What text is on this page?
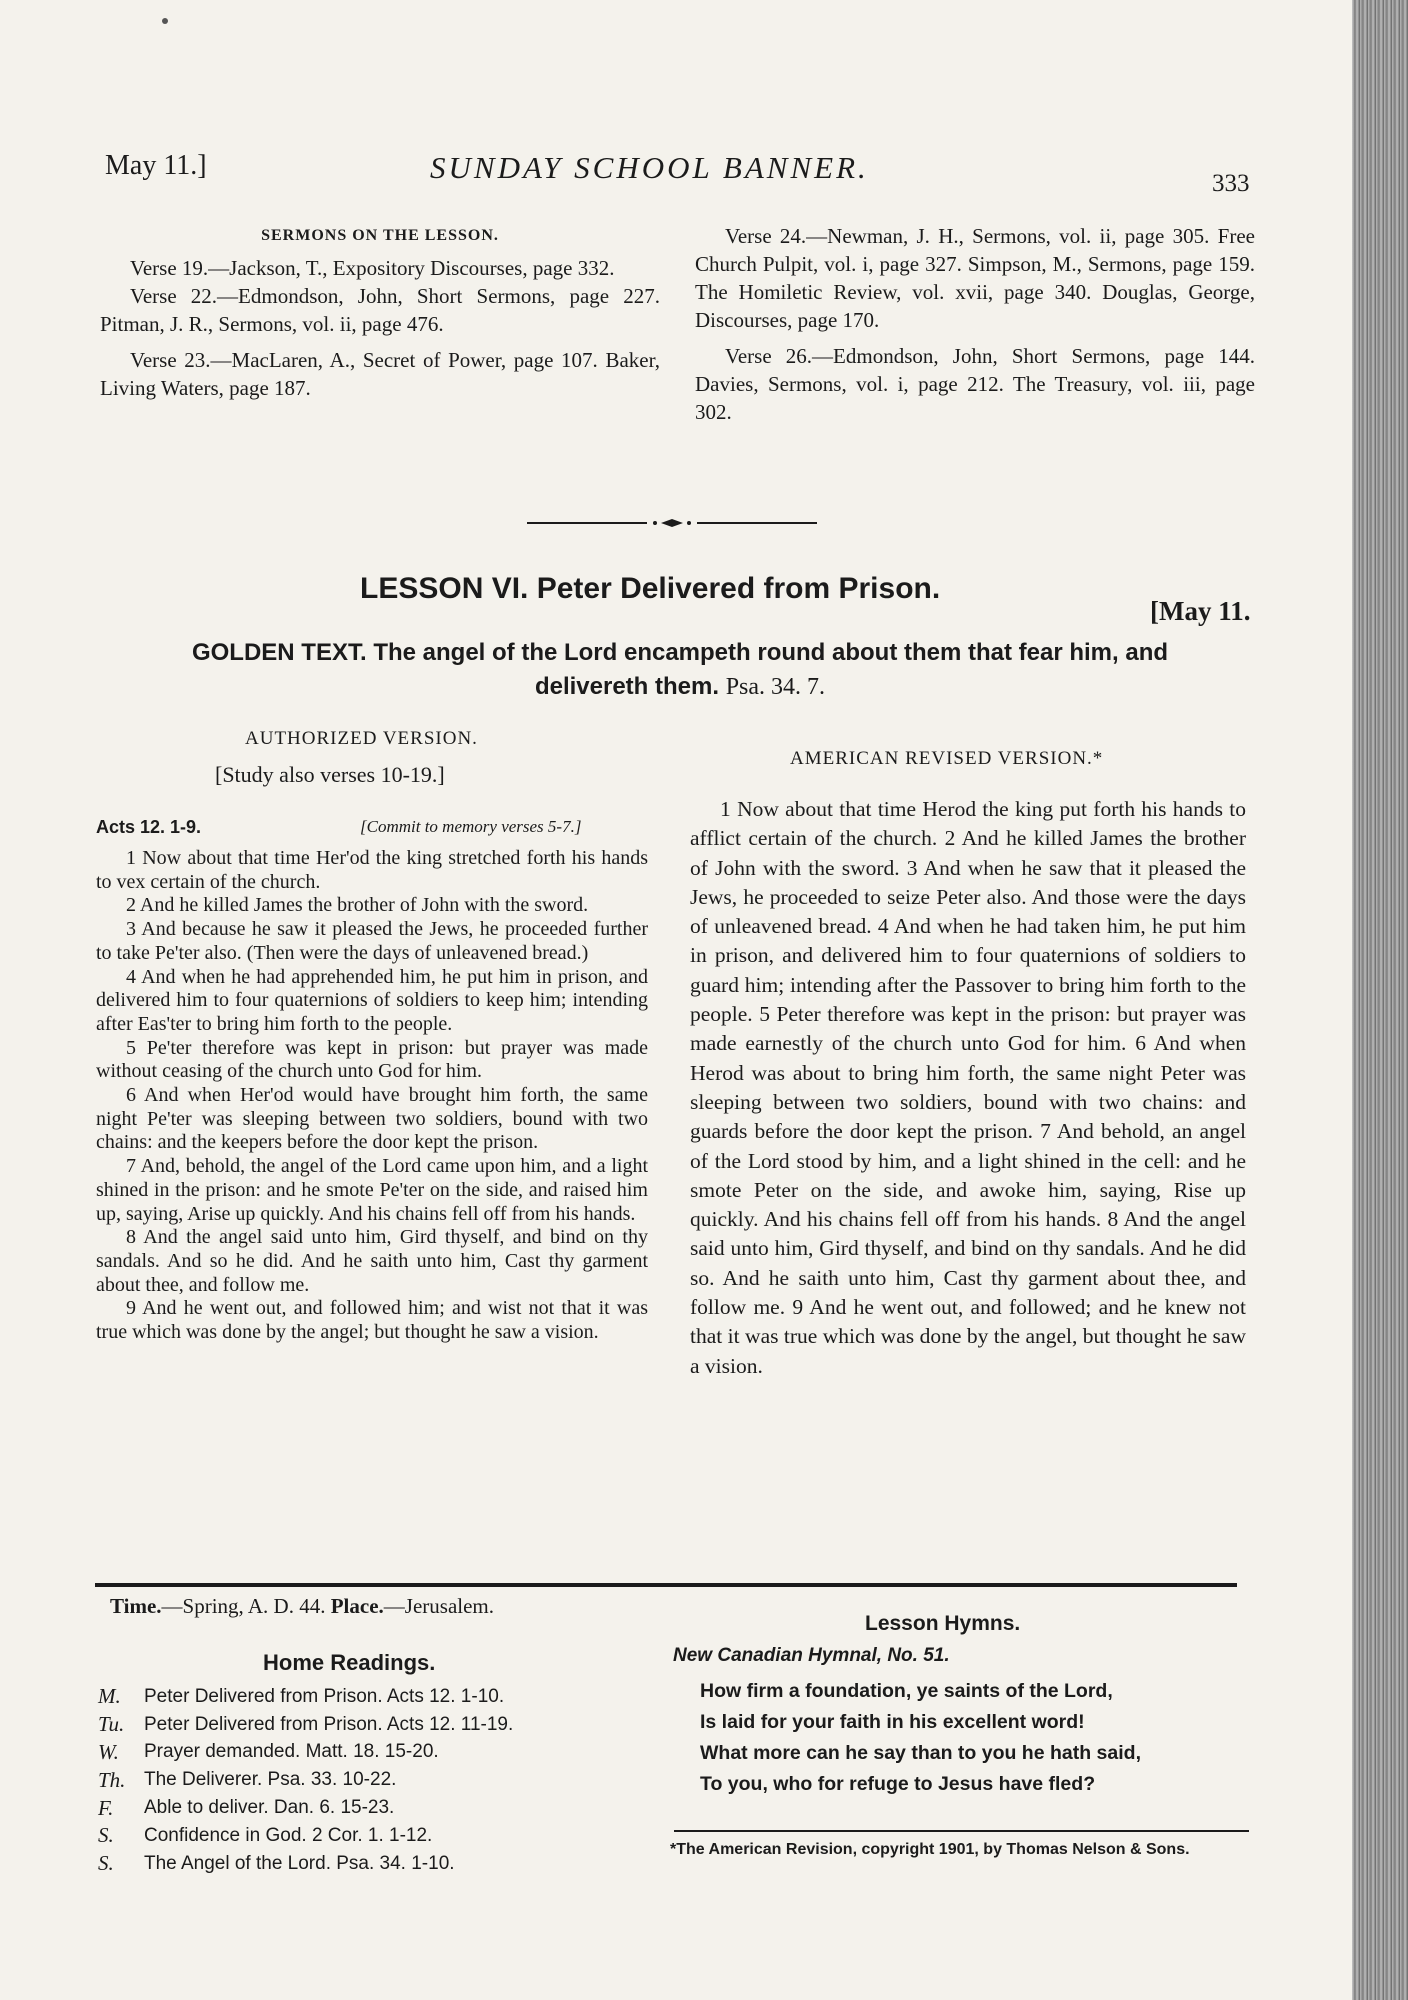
May 11.]	SUNDAY SCHOOL BANNER.	333

SERMONS ON THE LESSON.

Verse 19.—Jackson, T., Expository Discourses, page 332.

Verse 22.—Edmondson, John, Short Sermons, page 227. Pitman, J. R., Sermons, vol. ii, page 476.

Verse 23.—MacLaren, A., Secret of Power, page 107. Baker, Living Waters, page 187.

Verse 24.—Newman, J. H., Sermons, vol. ii, page 305. Free Church Pulpit, vol. i, page 327. Simpson, M., Sermons, page 159. The Homiletic Review, vol. xvii, page 340. Douglas, George, Discourses, page 170.

Verse 26.—Edmondson, John, Short Sermons, page 144. Davies, Sermons, vol. i, page 212. The Treasury, vol. iii, page 302.

LESSON VI. Peter Delivered from Prison.
[May 11.
GOLDEN TEXT. The angel of the Lord encampeth round about them that fear him, and delivereth them. Psa. 34. 7.
AUTHORIZED VERSION.
[Study also verses 10-19.]
AMERICAN REVISED VERSION.*
Acts 12. 1-9.	[Commit to memory verses 5-7.]

1 Now about that time Her'od the king stretched forth his hands to vex certain of the church.

2 And he killed James the brother of John with the sword.

3 And because he saw it pleased the Jews, he proceeded further to take Pe'ter also. (Then were the days of unleavened bread.)

4 And when he had apprehended him, he put him in prison, and delivered him to four quaternions of soldiers to keep him; intending after Eas'ter to bring him forth to the people.

5 Pe'ter therefore was kept in prison: but prayer was made without ceasing of the church unto God for him.

6 And when Her'od would have brought him forth, the same night Pe'ter was sleeping between two soldiers, bound with two chains: and the keepers before the door kept the prison.

7 And, behold, the angel of the Lord came upon him, and a light shined in the prison: and he smote Pe'ter on the side, and raised him up, saying, Arise up quickly. And his chains fell off from his hands.

8 And the angel said unto him, Gird thyself, and bind on thy sandals. And so he did. And he saith unto him, Cast thy garment about thee, and follow me.

9 And he went out, and followed him; and wist not that it was true which was done by the angel; but thought he saw a vision.

1 Now about that time Herod the king put forth his hands to afflict certain of the church. 2 And he killed James the brother of John with the sword. 3 And when he saw that it pleased the Jews, he proceeded to seize Peter also. And those were the days of unleavened bread. 4 And when he had taken him, he put him in prison, and delivered him to four quaternions of soldiers to guard him; intending after the Passover to bring him forth to the people. 5 Peter therefore was kept in the prison: but prayer was made earnestly of the church unto God for him. 6 And when Herod was about to bring him forth, the same night Peter was sleeping between two soldiers, bound with two chains: and guards before the door kept the prison. 7 And behold, an angel of the Lord stood by him, and a light shined in the cell: and he smote Peter on the side, and awoke him, saying, Rise up quickly. And his chains fell off from his hands. 8 And the angel said unto him, Gird thyself, and bind on thy sandals. And he did so. And he saith unto him, Cast thy garment about thee, and follow me. 9 And he went out, and followed; and he knew not that it was true which was done by the angel, but thought he saw a vision.

Time.—Spring, A. D. 44. Place.—Jerusalem.
Home Readings.
M.	Peter Delivered from Prison. Acts 12. 1-10.
Tu.	Peter Delivered from Prison. Acts 12. 11-19.
W.	Prayer demanded. Matt. 18. 15-20.
Th. The Deliverer. Psa. 33. 10-22.
F.	Able to deliver. Dan. 6. 15-23.
S.	Confidence in God. 2 Cor. 1. 1-12.
S.	The Angel of the Lord. Psa. 34. 1-10.
Lesson Hymns.
New Canadian Hymnal, No. 51.
How firm a foundation, ye saints of the Lord,
Is laid for your faith in his excellent word!
What more can he say than to you he hath said,
To you, who for refuge to Jesus have fled?
*The American Revision, copyright 1901, by Thomas Nelson & Sons.
